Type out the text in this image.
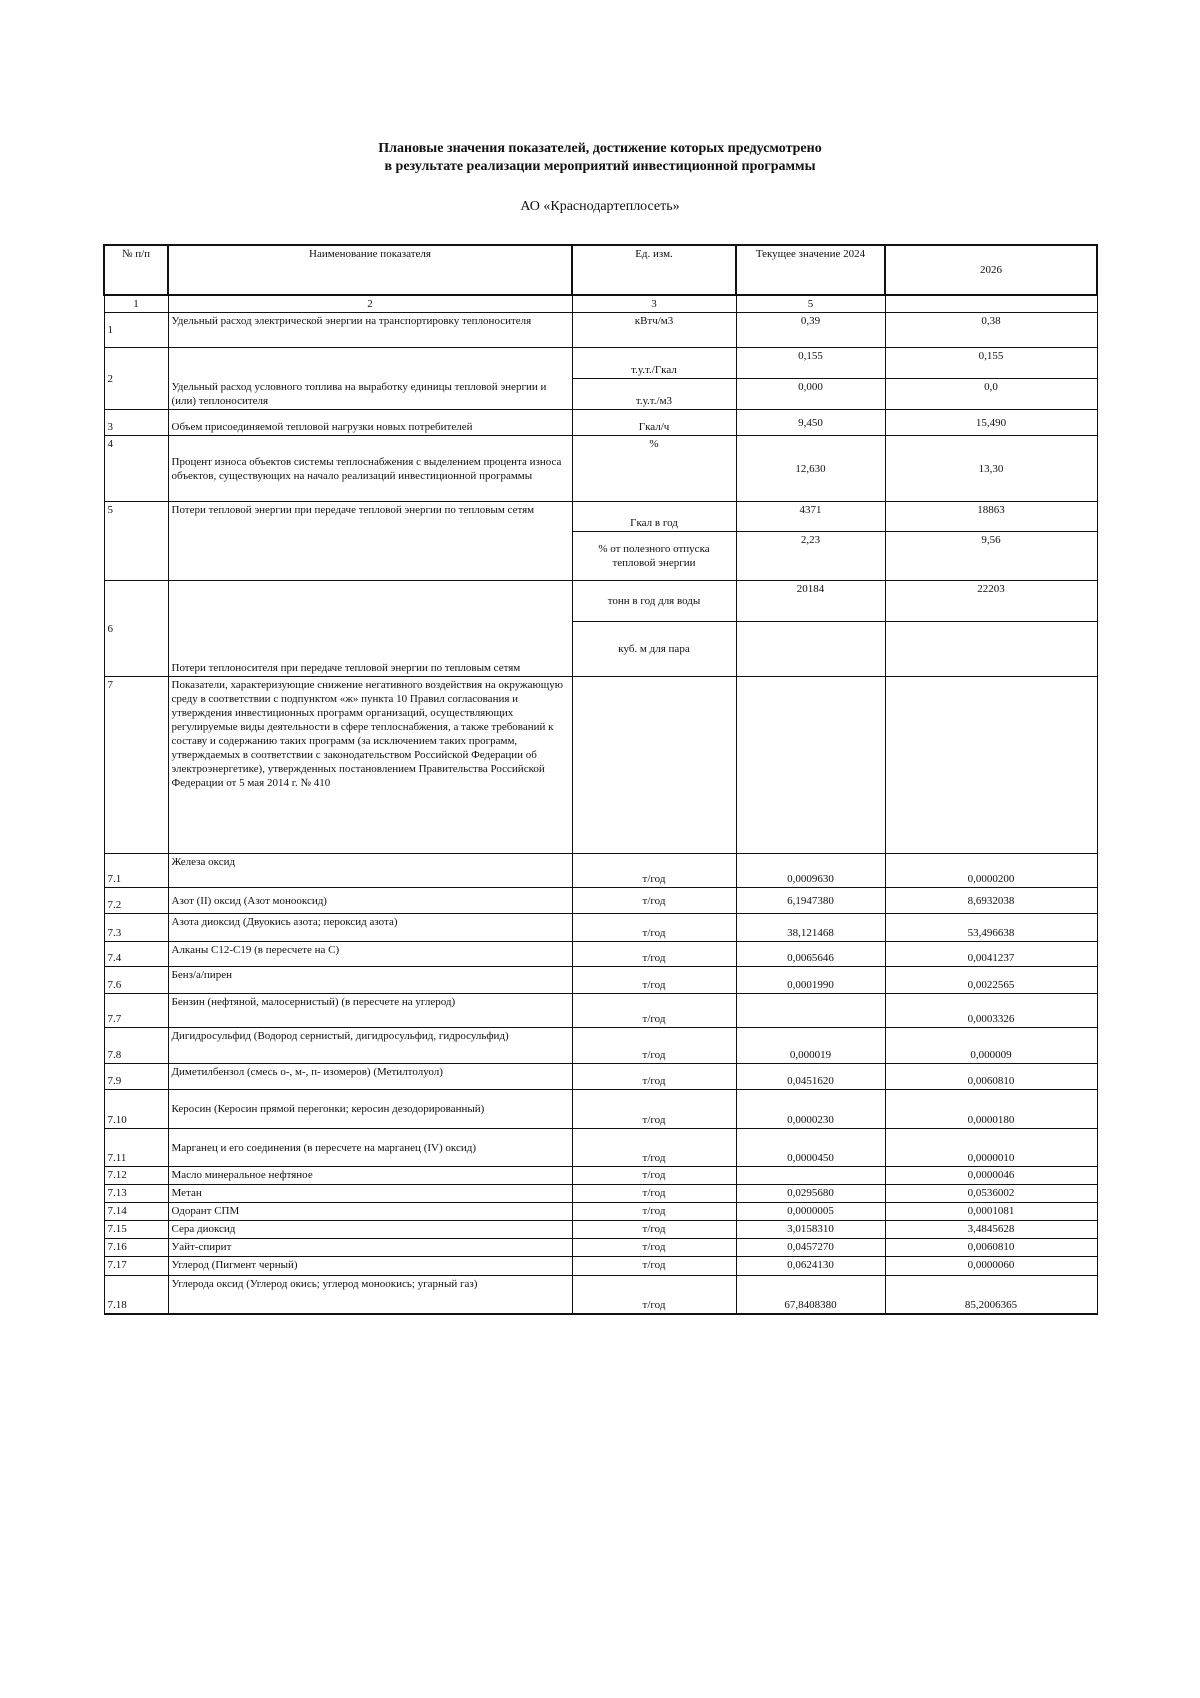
Плановые значения показателей, достижение которых предусмотрено
в результате реализации мероприятий инвестиционной программы
АО «Краснодартеплосеть»
№ п/п	Наименование показателя	Ед. изм.	Текущее значение 2024	2026
1	2	3	5	
1	Удельный расход электрической энергии на транспортировку теплоносителя	кВтч/м3	0,39	0,38
2	Удельный расход условного топлива на выработку единицы тепловой энергии и (или) теплоносителя	т.у.т./Гкал	0,155	0,155
		т.у.т./м3	0,000	0,0
3	Объем присоединяемой тепловой нагрузки новых потребителей	Гкал/ч	9,450	15,490
4	Процент износа объектов системы теплоснабжения с выделением процента износа объектов, существующих на начало реализаций инвестиционной программы	%	12,630	13,30
5	Потери тепловой энергии при передаче тепловой энергии по тепловым сетям	Гкал в год	4371	18863
		% от полезного отпуска тепловой энергии	2,23	9,56
6	Потери теплоносителя при передаче тепловой энергии по тепловым сетям	тонн в год для воды	20184	22203
		куб. м для пара		
7	Показатели, характеризующие снижение негативного воздействия на окружающую среду в соответствии с подпунктом «ж» пункта 10 Правил согласования и утверждения инвестиционных программ организаций, осуществляющих регулируемые виды деятельности в сфере теплоснабжения, а также требований к составу и содержанию таких программ (за исключением таких программ, утверждаемых в соответствии с законодательством Российской Федерации об электроэнергетике), утвержденных постановлением Правительства Российской Федерации от 5 мая 2014 г. № 410			
7.1	Железа оксид	т/год	0,0009630	0,0000200
7.2	Азот (II) оксид (Азот монооксид)	т/год	6,1947380	8,6932038
7.3	Азота диоксид (Двуокись азота; пероксид азота)	т/год	38,121468	53,496638
7.4	Алканы С12-С19 (в пересчете на С)	т/год	0,0065646	0,0041237
7.6	Бенз/а/пирен	т/год	0,0001990	0,0022565
7.7	Бензин (нефтяной, малосернистый) (в пересчете на углерод)	т/год		0,0003326
7.8	Дигидросульфид (Водород сернистый, дигидросульфид, гидросульфид)	т/год	0,000019	0,000009
7.9	Диметилбензол (смесь о-, м-, п- изомеров) (Метилтолуол)	т/год	0,0451620	0,0060810
7.10	Керосин (Керосин прямой перегонки; керосин дезодорированный)	т/год	0,0000230	0,0000180
7.11	Марганец и его соединения (в пересчете на марганец (IV) оксид)	т/год	0,0000450	0,0000010
7.12	Масло минеральное нефтяное	т/год		0,0000046
7.13	Метан	т/год	0,0295680	0,0536002
7.14	Одорант СПМ	т/год	0,0000005	0,0001081
7.15	Сера диоксид	т/год	3,0158310	3,4845628
7.16	Уайт-спирит	т/год	0,0457270	0,0060810
7.17	Углерод (Пигмент черный)	т/год	0,0624130	0,0000060
7.18	Углерода оксид (Углерод окись; углерод моноокись; угарный газ)	т/год	67,8408380	85,2006365
